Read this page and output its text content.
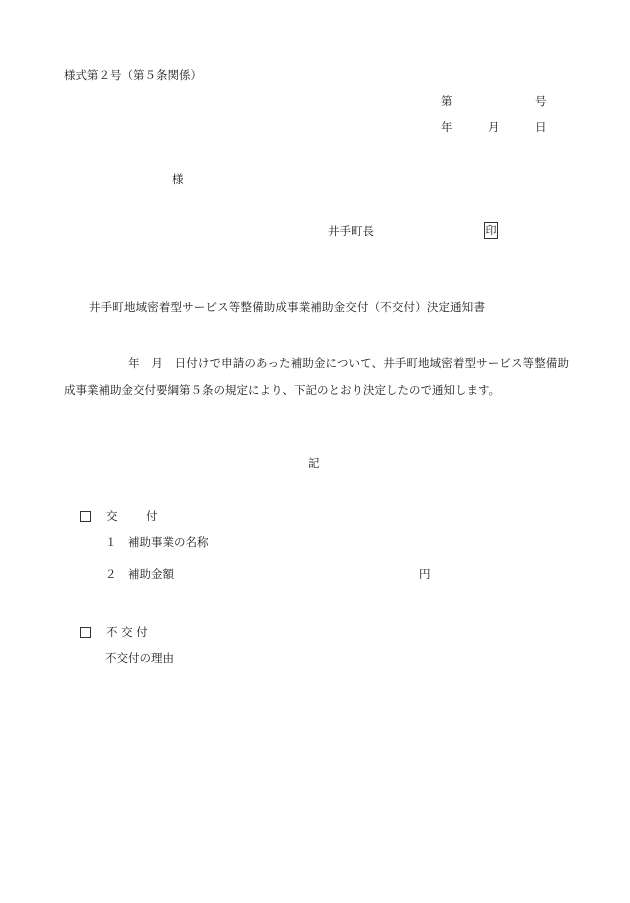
様式第２号（第５条関係）
第	号
年	月	日
様
井手町長	印
井手町地域密着型サービス等整備助成事業補助金交付（不交付）決定通知書
年　月　日付けで申請のあった補助金について、井手町地域密着型サービス等整備助成事業補助金交付要綱第５条の規定により、下記のとおり決定したので通知します。
記
交 付
１　補助事業の名称
２　補助金額	円
不 交 付
不交付の理由
